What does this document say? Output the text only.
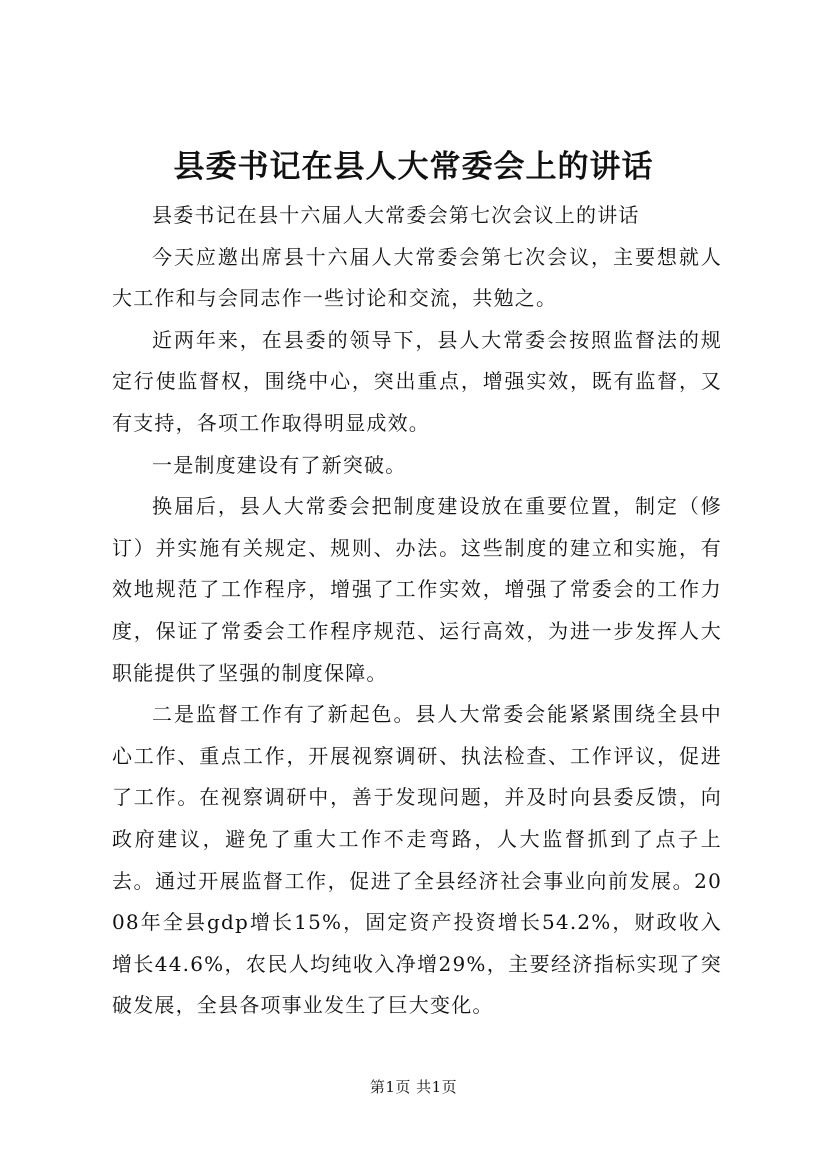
县委书记在县人大常委会上的讲话

县委书记在县十六届人大常委会第七次会议上的讲话

今天应邀出席县十六届人大常委会第七次会议，主要想就人大工作和与会同志作一些讨论和交流，共勉之。

近两年来，在县委的领导下，县人大常委会按照监督法的规定行使监督权，围绕中心，突出重点，增强实效，既有监督，又有支持，各项工作取得明显成效。

一是制度建设有了新突破。

换届后，县人大常委会把制度建设放在重要位置，制定（修订）并实施有关规定、规则、办法。这些制度的建立和实施，有效地规范了工作程序，增强了工作实效，增强了常委会的工作力度，保证了常委会工作程序规范、运行高效，为进一步发挥人大职能提供了坚强的制度保障。

二是监督工作有了新起色。县人大常委会能紧紧围绕全县中心工作、重点工作，开展视察调研、执法检查、工作评议，促进了工作。在视察调研中，善于发现问题，并及时向县委反馈，向政府建议，避免了重大工作不走弯路，人大监督抓到了点子上去。通过开展监督工作，促进了全县经济社会事业向前发展。2008年全县gdp增长15%，固定资产投资增长54.2%，财政收入增长44.6%，农民人均纯收入净增29%，主要经济指标实现了突破发展，全县各项事业发生了巨大变化。

第1页 共1页
